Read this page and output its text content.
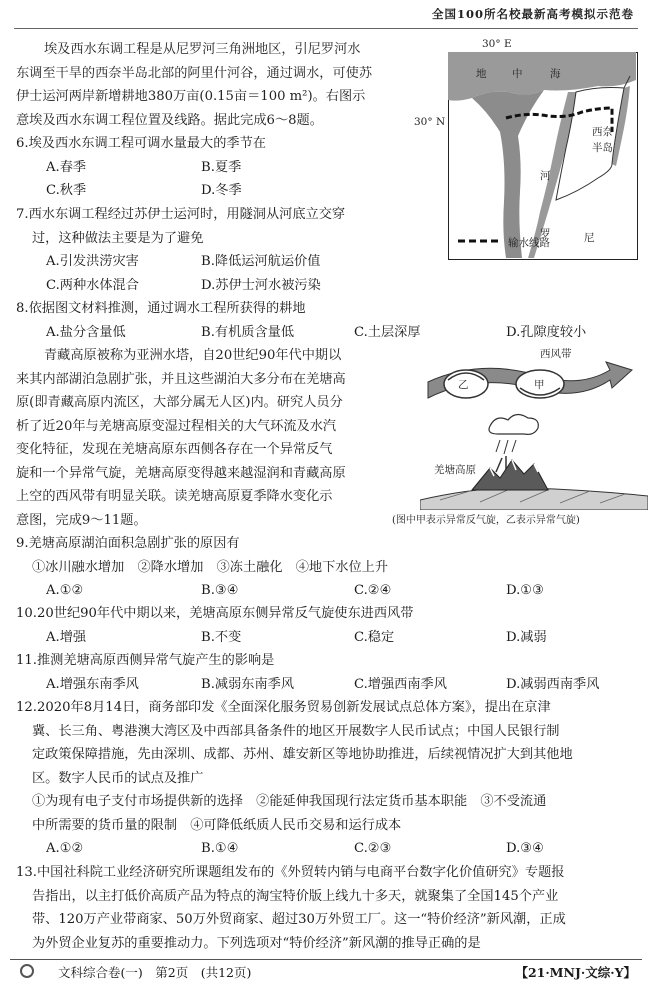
全国100所名校最新高考模拟示范卷
埃及西水东调工程是从尼罗河三角洲地区，引尼罗河水
东调至干旱的西奈半岛北部的阿里什河谷，通过调水，可使苏
伊士运河两岸新增耕地380万亩(0.15亩＝100 m²)。右图示
意埃及西水东调工程位置及线路。据此完成6～8题。
30° E
30° N
地 中	海
西奈
半岛
河
罗	尼
输水线路
6.埃及西水东调工程可调水量最大的季节在
A.春季	B.夏季
C.秋季	D.冬季
7.西水东调工程经过苏伊士运河时，用隧洞从河底立交穿
过，这种做法主要是为了避免
A.引发洪涝灾害	B.降低运河航运价值
C.两种水体混合	D.苏伊士河水被污染
8.依据图文材料推测，通过调水工程所获得的耕地
A.盐分含量低	B.有机质含量低	C.土层深厚	D.孔隙度较小
青藏高原被称为亚洲水塔，自20世纪90年代中期以
来其内部湖泊急剧扩张，并且这些湖泊大多分布在羌塘高
原(即青藏高原内流区，大部分属无人区)内。研究人员分
析了近20年与羌塘高原变湿过程相关的大气环流及水汽
变化特征，发现在羌塘高原东西侧各存在一个异常反气
旋和一个异常气旋，羌塘高原变得越来越湿润和青藏高原
上空的西风带有明显关联。读羌塘高原夏季降水变化示
意图，完成9～11题。
西风带
乙	甲
羌塘高原
(图中甲表示异常反气旋，乙表示异常气旋)
9.羌塘高原湖泊面积急剧扩张的原因有
①冰川融水增加　②降水增加　③冻土融化　④地下水位上升
A.①②	B.③④	C.②④	D.①③
10.20世纪90年代中期以来，羌塘高原东侧异常反气旋使东进西风带
A.增强	B.不变	C.稳定	D.减弱
11.推测羌塘高原西侧异常气旋产生的影响是
A.增强东南季风	B.减弱东南季风	C.增强西南季风	D.减弱西南季风
12.2020年8月14日，商务部印发《全面深化服务贸易创新发展试点总体方案》，提出在京津
冀、长三角、粤港澳大湾区及中西部具备条件的地区开展数字人民币试点；中国人民银行制
定政策保障措施，先由深圳、成都、苏州、雄安新区等地协助推进，后续视情况扩大到其他地
区。数字人民币的试点及推广
①为现有电子支付市场提供新的选择　②能延伸我国现行法定货币基本职能　③不受流通
中所需要的货币量的限制　④可降低纸质人民币交易和运行成本
A.①②	B.①④	C.②③	D.③④
13.中国社科院工业经济研究所课题组发布的《外贸转内销与电商平台数字化价值研究》专题报
告指出，以主打低价高质产品为特点的淘宝特价版上线九十多天，就聚集了全国145个产业
带、120万产业带商家、50万外贸商家、超过30万外贸工厂。这一“特价经济”新风潮，正成
为外贸企业复苏的重要推动力。下列选项对“特价经济”新风潮的推导正确的是
文科综合卷(一)　第2页　(共12页)	【21·MNJ·文综·Y】
